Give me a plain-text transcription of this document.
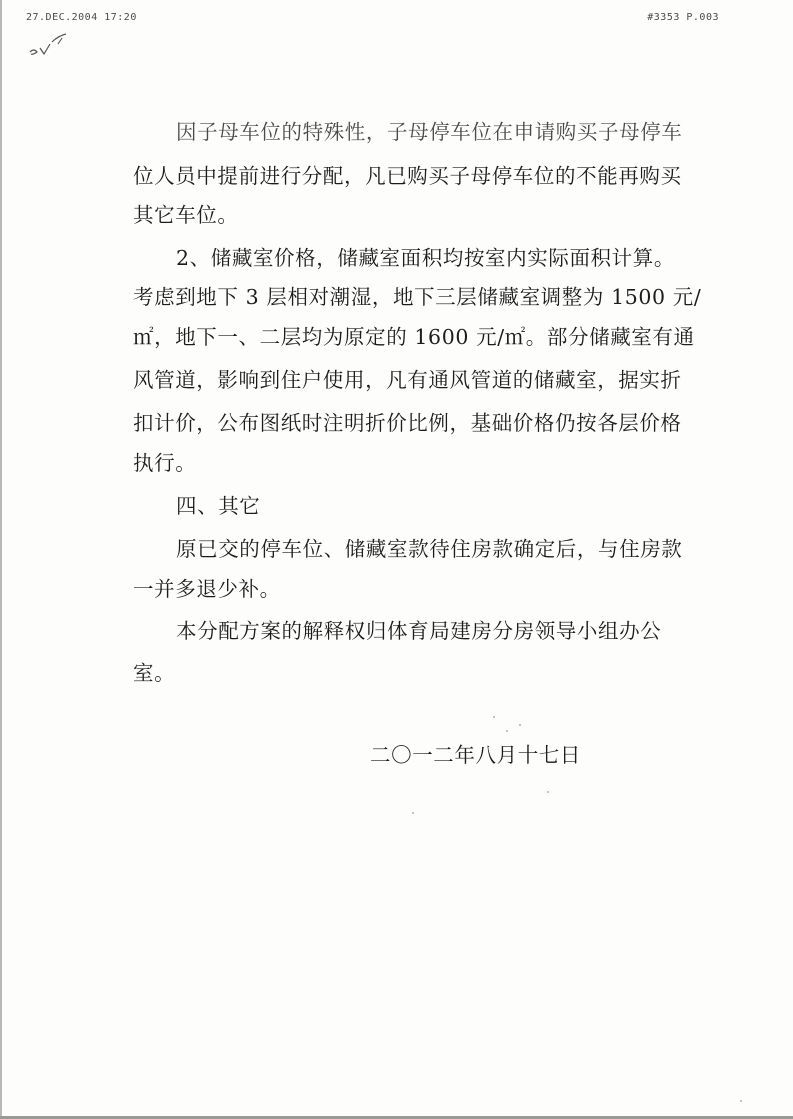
27.DEC.2004 17:20	#3353 P.003
因子母车位的特殊性，子母停车位在申请购买子母停车
位人员中提前进行分配，凡已购买子母停车位的不能再购买
其它车位。
2、储藏室价格，储藏室面积均按室内实际面积计算。
考虑到地下 3 层相对潮湿，地下三层储藏室调整为 1500 元/
㎡，地下一、二层均为原定的 1600 元/㎡。部分储藏室有通
风管道，影响到住户使用，凡有通风管道的储藏室，据实折
扣计价，公布图纸时注明折价比例，基础价格仍按各层价格
执行。
四、其它
原已交的停车位、储藏室款待住房款确定后，与住房款
一并多退少补。
本分配方案的解释权归体育局建房分房领导小组办公
室。
二〇一二年八月十七日
